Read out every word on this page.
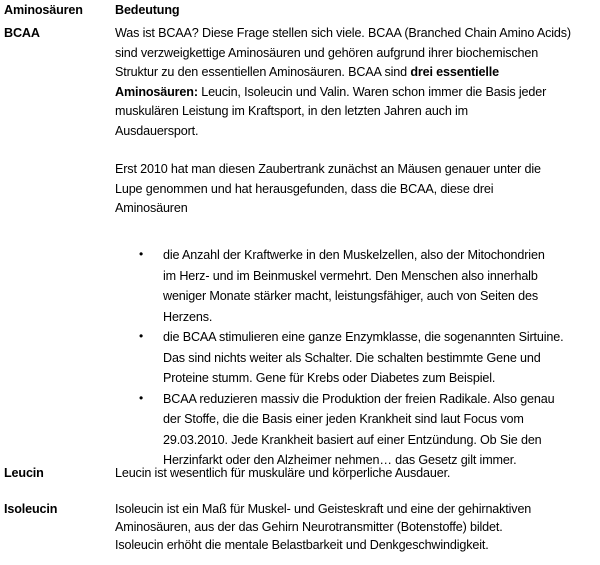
Aminosäuren	Bedeutung
BCAA	Was ist BCAA? Diese Frage stellen sich viele. BCAA (Branched Chain Amino Acids)
sind verzweigkettige Aminosäuren und gehören aufgrund ihrer biochemischen
Struktur zu den essentiellen Aminosäuren. BCAA sind drei essentielle
Aminosäuren: Leucin, Isoleucin und Valin. Waren schon immer die Basis jeder
muskulären Leistung im Kraftsport, in den letzten Jahren auch im
Ausdauersport.
Erst 2010 hat man diesen Zaubertrank zunächst an Mäusen genauer unter die
Lupe genommen und hat herausgefunden, dass die BCAA, diese drei
Aminosäuren
•	die Anzahl der Kraftwerke in den Muskelzellen, also der Mitochondrien
im Herz- und im Beinmuskel vermehrt. Den Menschen also innerhalb
weniger Monate stärker macht, leistungsfähiger, auch von Seiten des
Herzens.
•	die BCAA stimulieren eine ganze Enzymklasse, die sogenannten Sirtuine.
Das sind nichts weiter als Schalter. Die schalten bestimmte Gene und
Proteine stumm. Gene für Krebs oder Diabetes zum Beispiel.
•	BCAA reduzieren massiv die Produktion der freien Radikale. Also genau
der Stoffe, die die Basis einer jeden Krankheit sind laut Focus vom
29.03.2010. Jede Krankheit basiert auf einer Entzündung. Ob Sie den
Herzinfarkt oder den Alzheimer nehmen… das Gesetz gilt immer.
Leucin	Leucin ist wesentlich für muskuläre und körperliche Ausdauer.
Isoleucin	Isoleucin ist ein Maß für Muskel- und Geisteskraft und eine der gehirnaktiven
Aminosäuren, aus der das Gehirn Neurotransmitter (Botenstoffe) bildet.
Isoleucin erhöht die mentale Belastbarkeit und Denkgeschwindigkeit.
